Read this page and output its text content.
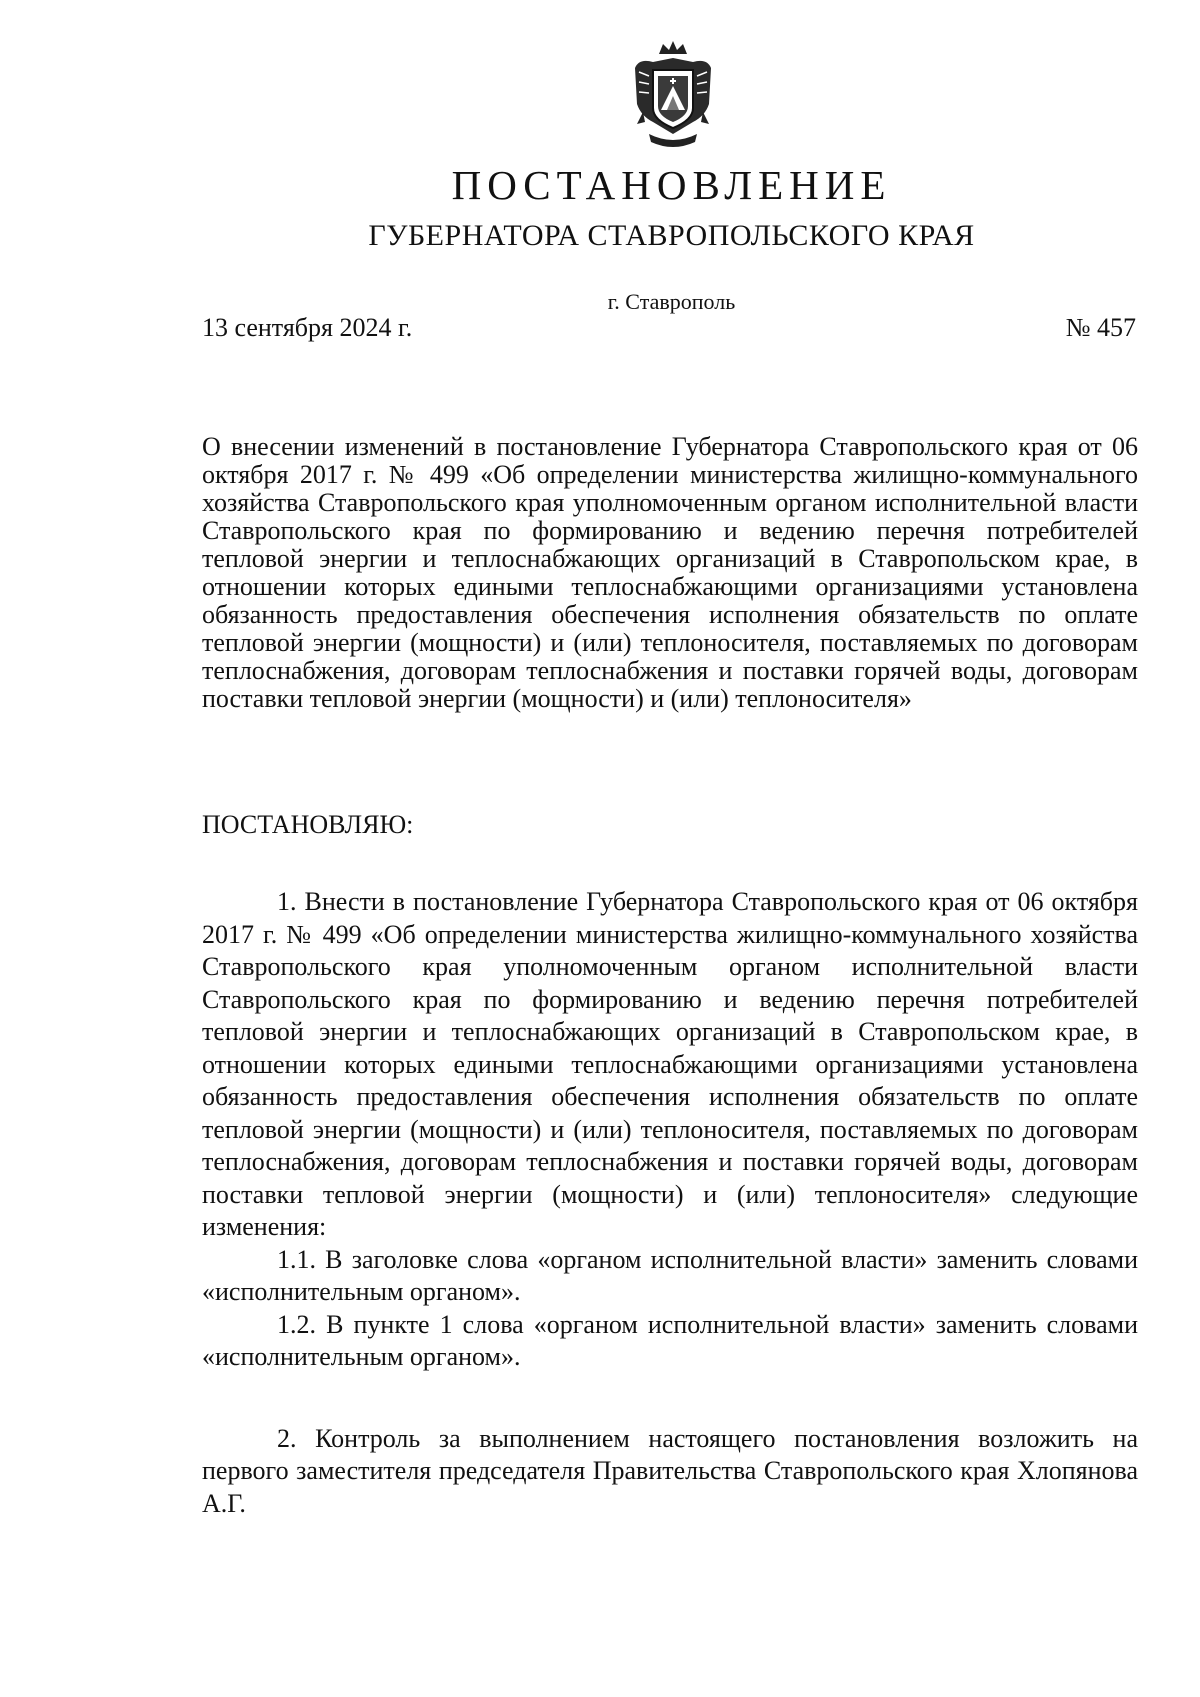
ПОСТАНОВЛЕНИЕ
ГУБЕРНАТОРА СТАВРОПОЛЬСКОГО КРАЯ
г. Ставрополь
13 сентября 2024 г.	№ 457
О внесении изменений в постановление Губернатора Ставропольского края от 06 октября 2017 г. № 499 «Об определении министерства жилищно-коммунального хозяйства Ставропольского края уполномоченным органом исполнительной власти Ставропольского края по формированию и ведению перечня потребителей тепловой энергии и теплоснабжающих организаций в Ставропольском крае, в отношении которых едиными теплоснабжающими организациями установлена обязанность предоставления обеспечения исполнения обязательств по оплате тепловой энергии (мощности) и (или) теплоносителя, поставляемых по договорам теплоснабжения, договорам теплоснабжения и поставки горячей воды, договорам поставки тепловой энергии (мощности) и (или) теплоносителя»
ПОСТАНОВЛЯЮ:

1. Внести в постановление Губернатора Ставропольского края от 06 октября 2017 г. № 499 «Об определении министерства жилищно-коммунального хозяйства Ставропольского края уполномоченным органом исполнительной власти Ставропольского края по формированию и ведению перечня потребителей тепловой энергии и теплоснабжающих организаций в Ставропольском крае, в отношении которых едиными теплоснабжающими организациями установлена обязанность предоставления обеспечения исполнения обязательств по оплате тепловой энергии (мощности) и (или) теплоносителя, поставляемых по договорам теплоснабжения, договорам теплоснабжения и поставки горячей воды, договорам поставки тепловой энергии (мощности) и (или) теплоносителя» следующие изменения:

1.1. В заголовке слова «органом исполнительной власти» заменить словами «исполнительным органом».

1.2. В пункте 1 слова «органом исполнительной власти» заменить словами «исполнительным органом».

2. Контроль за выполнением настоящего постановления возложить на первого заместителя председателя Правительства Ставропольского края Хлопянова А.Г.
